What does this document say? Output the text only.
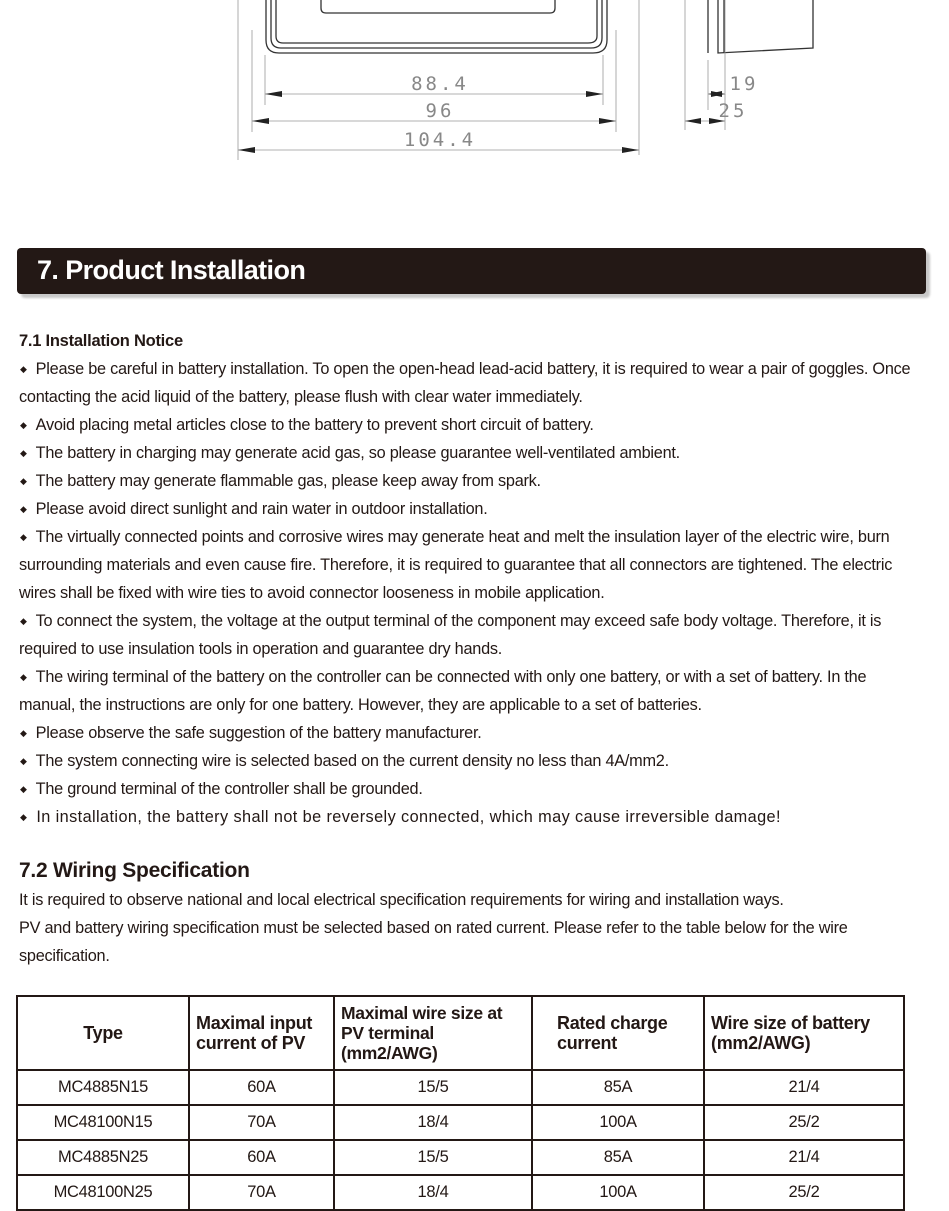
88.4
96
104.4
19
25
7. Product Installation
7.1 Installation Notice
◆ Please be careful in battery installation. To open the open-head lead-acid battery, it is required to wear a pair of goggles. Once contacting the acid liquid of the battery, please flush with clear water immediately.
◆ Avoid placing metal articles close to the battery to prevent short circuit of battery.
◆ The battery in charging may generate acid gas, so please guarantee well-ventilated ambient.
◆ The battery may generate flammable gas, please keep away from spark.
◆ Please avoid direct sunlight and rain water in outdoor installation.
◆ The virtually connected points and corrosive wires may generate heat and melt the insulation layer of the electric wire, burn surrounding materials and even cause fire. Therefore, it is required to guarantee that all connectors are tightened. The electric wires shall be fixed with wire ties to avoid connector looseness in mobile application.
◆ To connect the system, the voltage at the output terminal of the component may exceed safe body voltage. Therefore, it is required to use insulation tools in operation and guarantee dry hands.
◆ The wiring terminal of the battery on the controller can be connected with only one battery, or with a set of battery. In the manual, the instructions are only for one battery. However, they are applicable to a set of batteries.
◆ Please observe the safe suggestion of the battery manufacturer.
◆ The system connecting wire is selected based on the current density no less than 4A/mm2.
◆ The ground terminal of the controller shall be grounded.
◆ In installation, the battery shall not be reversely connected, which may cause irreversible damage!
7.2 Wiring Specification
It is required to observe national and local electrical specification requirements for wiring and installation ways.
PV and battery wiring specification must be selected based on rated current. Please refer to the table below for the wire specification.
Type	Maximal input current of PV	Maximal wire size at PV terminal (mm2/AWG)	Rated charge current	Wire size of battery (mm2/AWG)
MC4885N15	60A	15/5	85A	21/4
MC48100N15	70A	18/4	100A	25/2
MC4885N25	60A	15/5	85A	21/4
MC48100N25	70A	18/4	100A	25/2
